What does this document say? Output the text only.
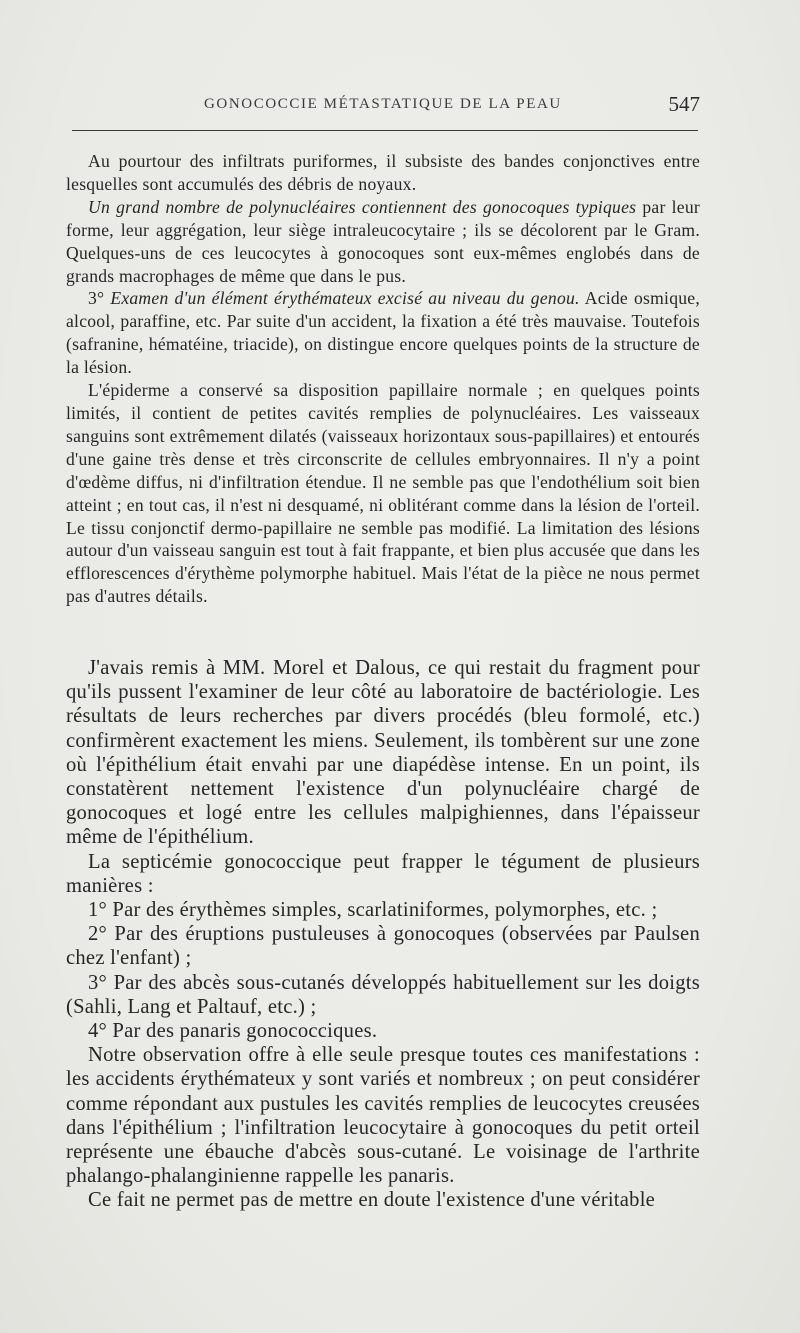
GONOCOCCIE MÉTASTATIQUE DE LA PEAU	547

Au pourtour des infiltrats puriformes, il subsiste des bandes conjonctives entre lesquelles sont accumulés des débris de noyaux.

Un grand nombre de polynucléaires contiennent des gonocoques typiques par leur forme, leur aggrégation, leur siège intraleucocytaire ; ils se décolorent par le Gram. Quelques-uns de ces leucocytes à gonocoques sont eux-mêmes englobés dans de grands macrophages de même que dans le pus.

3° Examen d'un élément érythémateux excisé au niveau du genou. Acide osmique, alcool, paraffine, etc. Par suite d'un accident, la fixation a été très mauvaise. Toutefois (safranine, hématéine, triacide), on distingue encore quelques points de la structure de la lésion.

L'épiderme a conservé sa disposition papillaire normale ; en quelques points limités, il contient de petites cavités remplies de polynucléaires. Les vaisseaux sanguins sont extrêmement dilatés (vaisseaux horizontaux sous-papillaires) et entourés d'une gaine très dense et très circonscrite de cellules embryonnaires. Il n'y a point d'œdème diffus, ni d'infiltration étendue. Il ne semble pas que l'endothélium soit bien atteint ; en tout cas, il n'est ni desquamé, ni oblitérant comme dans la lésion de l'orteil. Le tissu conjonctif dermo-papillaire ne semble pas modifié. La limitation des lésions autour d'un vaisseau sanguin est tout à fait frappante, et bien plus accusée que dans les efflorescences d'érythème polymorphe habituel. Mais l'état de la pièce ne nous permet pas d'autres détails.

J'avais remis à MM. Morel et Dalous, ce qui restait du fragment pour qu'ils pussent l'examiner de leur côté au laboratoire de bactériologie. Les résultats de leurs recherches par divers procédés (bleu formolé, etc.) confirmèrent exactement les miens. Seulement, ils tombèrent sur une zone où l'épithélium était envahi par une diapédèse intense. En un point, ils constatèrent nettement l'existence d'un polynucléaire chargé de gonocoques et logé entre les cellules malpighiennes, dans l'épaisseur même de l'épithélium.

La septicémie gonococcique peut frapper le tégument de plusieurs manières :

1° Par des érythèmes simples, scarlatiniformes, polymorphes, etc. ;

2° Par des éruptions pustuleuses à gonocoques (observées par Paulsen chez l'enfant) ;

3° Par des abcès sous-cutanés développés habituellement sur les doigts (Sahli, Lang et Paltauf, etc.) ;

4° Par des panaris gonococciques.

Notre observation offre à elle seule presque toutes ces manifestations : les accidents érythémateux y sont variés et nombreux ; on peut considérer comme répondant aux pustules les cavités remplies de leucocytes creusées dans l'épithélium ; l'infiltration leucocytaire à gonocoques du petit orteil représente une ébauche d'abcès sous-cutané. Le voisinage de l'arthrite phalango-phalanginienne rappelle les panaris.

Ce fait ne permet pas de mettre en doute l'existence d'une véritable
